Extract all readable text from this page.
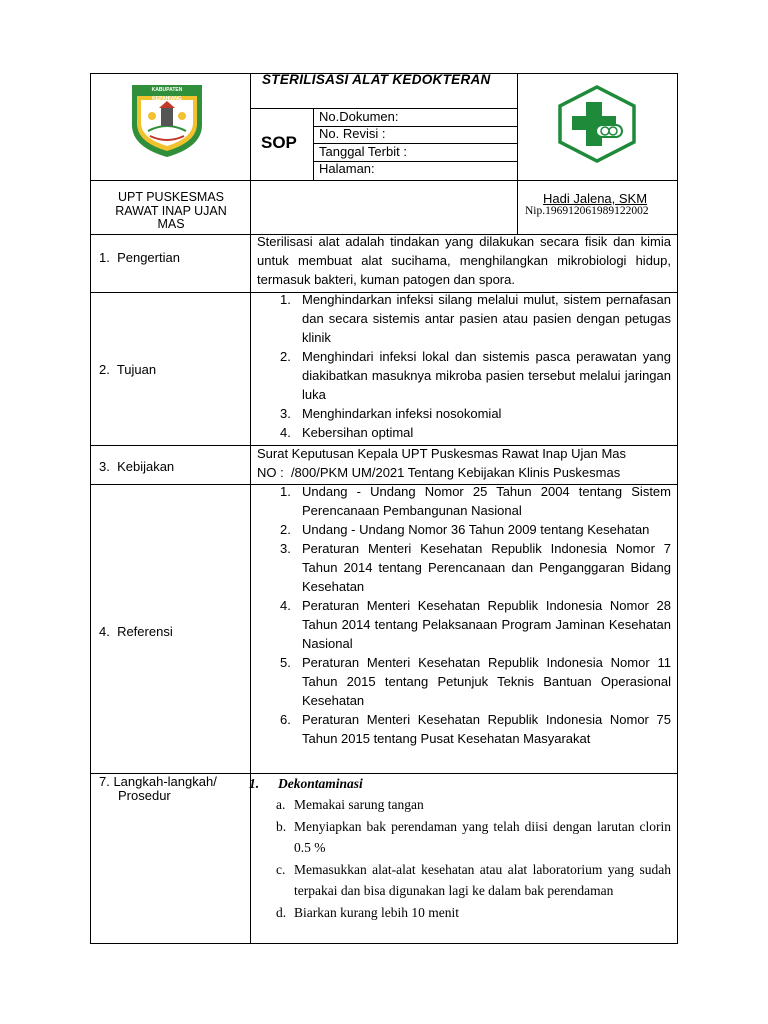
KABUPATEN KEPAHIANG
STERILISASI ALAT KEDOKTERAN
SOP
No.Dokumen:
No. Revisi :
Tanggal Terbit :
Halaman:
UPT PUSKESMAS RAWAT INAP UJAN MAS
Hadi Jalena, SKM
Nip.196912061989122002
1.  Pengertian
Sterilisasi alat adalah tindakan yang dilakukan secara fisik dan kimia untuk membuat alat sucihama, menghilangkan mikrobiologi hidup, termasuk bakteri, kuman patogen dan spora.
2.  Tujuan
1. Menghindarkan infeksi silang melalui mulut, sistem pernafasan dan secara sistemis antar pasien atau pasien dengan petugas klinik
2. Menghindari infeksi lokal dan sistemis pasca perawatan yang diakibatkan masuknya mikroba pasien tersebut melalui jaringan luka
3. Menghindarkan infeksi nosokomial
4. Kebersihan optimal
3.  Kebijakan
Surat Keputusan Kepala UPT Puskesmas Rawat Inap Ujan Mas
NO :  /800/PKM UM/2021 Tentang Kebijakan Klinis Puskesmas
4.  Referensi
1. Undang - Undang Nomor 25 Tahun 2004 tentang Sistem Perencanaan Pembangunan Nasional
2. Undang - Undang Nomor 36 Tahun 2009 tentang Kesehatan
3. Peraturan Menteri Kesehatan Republik Indonesia Nomor 7 Tahun 2014 tentang Perencanaan dan Penganggaran Bidang Kesehatan
4. Peraturan Menteri Kesehatan Republik Indonesia Nomor 28 Tahun 2014 tentang Pelaksanaan Program Jaminan Kesehatan Nasional
5. Peraturan Menteri Kesehatan Republik Indonesia Nomor 11 Tahun 2015 tentang Petunjuk Teknis Bantuan Operasional Kesehatan
6. Peraturan Menteri Kesehatan Republik Indonesia Nomor 75 Tahun 2015 tentang Pusat Kesehatan Masyarakat
7. Langkah-langkah/ Prosedur
1. Dekontaminasi
a. Memakai sarung tangan
b. Menyiapkan bak perendaman yang telah diisi dengan larutan clorin 0.5 %
c. Memasukkan alat-alat kesehatan atau alat laboratorium yang sudah terpakai dan bisa digunakan lagi ke dalam bak perendaman
d. Biarkan kurang lebih 10 menit
